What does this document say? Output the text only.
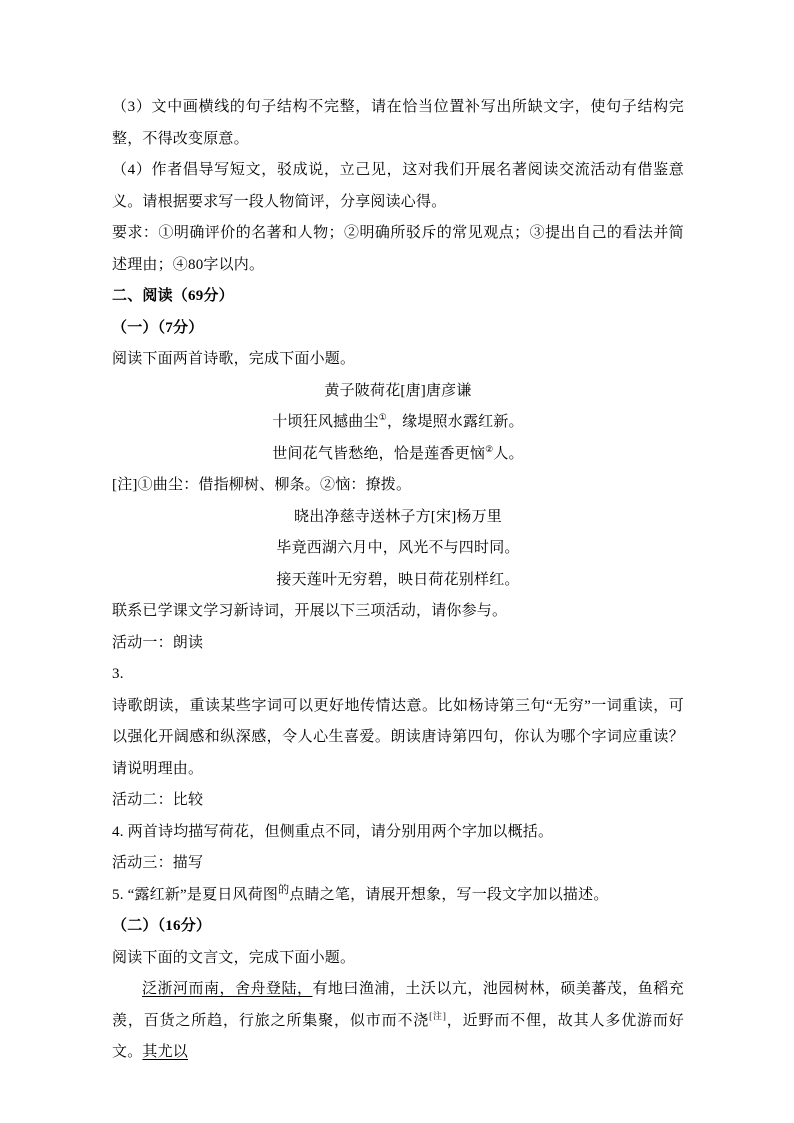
（3）文中画横线的句子结构不完整，请在恰当位置补写出所缺文字，使句子结构完整，不得改变原意。

（4）作者倡导写短文，驳成说，立己见，这对我们开展名著阅读交流活动有借鉴意义。请根据要求写一段人物简评，分享阅读心得。

要求：①明确评价的名著和人物；②明确所驳斥的常见观点；③提出自己的看法并简述理由；④80字以内。

二、阅读（69分）

（一）（7分）

阅读下面两首诗歌，完成下面小题。

黄子陂荷花[唐]唐彦谦

十顷狂风撼曲尘①，缘堤照水露红新。

世间花气皆愁绝，恰是莲香更恼②人。

[注]①曲尘：借指柳树、柳条。②恼：撩拨。

晓出净慈寺送林子方[宋]杨万里

毕竟西湖六月中，风光不与四时同。

接天莲叶无穷碧，映日荷花别样红。

联系已学课文学习新诗词，开展以下三项活动，请你参与。

活动一：朗读

3.

诗歌朗读，重读某些字词可以更好地传情达意。比如杨诗第三句“无穷”一词重读，可以强化开阔感和纵深感，令人心生喜爱。朗读唐诗第四句，你认为哪个字词应重读？请说明理由。

活动二：比较

4. 两首诗均描写荷花，但侧重点不同，请分别用两个字加以概括。

活动三：描写

5. “露红新”是夏日风荷图$^的$点睛之笔，请展开想象，写一段文字加以描述。

（二）（16分）

阅读下面的文言文，完成下面小题。

泛浙河而南，舍舟登陆，有地曰渔浦，土沃以亢，池园树林，硕美蕃茂，鱼稻充羡，百货之所趋，行旅之所集聚，似市而不浇[注]，近野而不俚，故其人多优游而好文。其尤以
